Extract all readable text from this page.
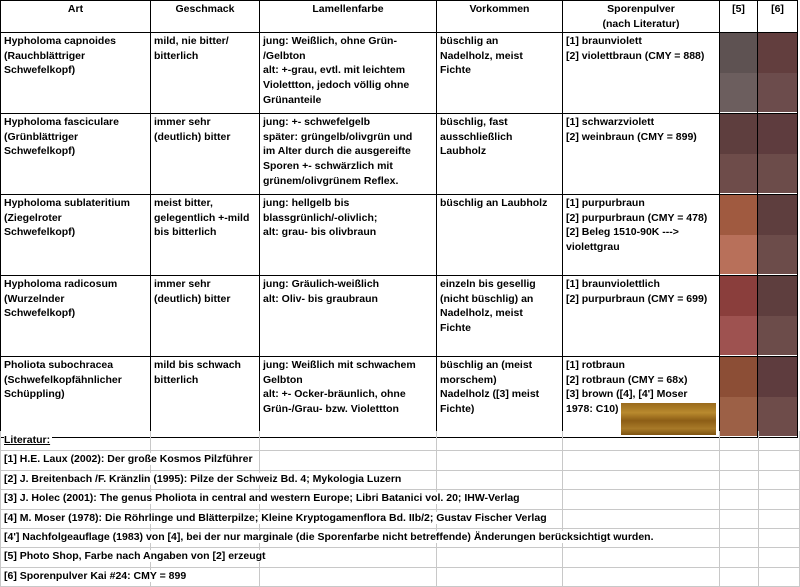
Art	Geschmack	Lamellenfarbe	Vorkommen	Sporenpulver
(nach Literatur)	[5]	[6]

Hypholoma capnoides
(Rauchblättriger
Schwefelkopf)	mild, nie bitter/
bitterlich	jung: Weißlich, ohne Grün-
/Gelbton
alt: +-grau, evtl. mit leichtem
Violettton, jedoch völlig ohne
Grünanteile	büschlig an
Nadelholz, meist
Fichte	[1] braunviolett
[2] violettbraun (CMY = 888)		

Hypholoma fasciculare
(Grünblättriger
Schwefelkopf)	immer sehr
(deutlich) bitter	jung: +- schwefelgelb
später: grüngelb/olivgrün und
im Alter durch die ausgereifte
Sporen +- schwärzlich mit
grünem/olivgrünem Reflex.	büschlig, fast
ausschließlich
Laubholz	[1] schwarzviolett
[2] weinbraun (CMY = 899)		

Hypholoma sublateritium
(Ziegelroter
Schwefelkopf)	meist bitter,
gelegentlich +-mild
bis bitterlich	jung: hellgelb bis
blassgrünlich/-olivlich;
alt: grau- bis olivbraun	büschlig an Laubholz	[1] purpurbraun
[2] purpurbraun (CMY = 478)
[2] Beleg 1510-90K --->
violettgrau		

Hypholoma radicosum
(Wurzelnder
Schwefelkopf)	immer sehr
(deutlich) bitter	jung: Gräulich-weißlich
alt: Oliv- bis graubraun	einzeln bis gesellig
(nicht büschlig) an
Nadelholz, meist
Fichte	[1] braunviolettlich
[2] purpurbraun (CMY = 699)		

Pholiota subochracea
(Schwefelkopfähnlicher
Schüppling)	mild bis schwach
bitterlich	jung: Weißlich mit schwachem
Gelbton
alt: +- Ocker-bräunlich, ohne
Grün-/Grau- bzw. Violettton	büschlig an (meist
morschem)
Nadelholz ([3] meist
Fichte)	[1] rotbraun
[2] rotbraun (CMY = 68x)
[3] brown ([4], [4'] Moser
1978: C10)		

Literatur:
[1] H.E. Laux (2002): Der große Kosmos Pilzführer
[2] J. Breitenbach /F. Kränzlin (1995): Pilze der Schweiz Bd. 4; Mykologia Luzern
[3] J. Holec (2001): The genus Pholiota in central and western Europe; Libri Batanici vol. 20; IHW-Verlag
[4] M. Moser (1978): Die Röhrlinge und Blätterpilze; Kleine Kryptogamenflora Bd. IIb/2; Gustav Fischer Verlag
[4'] Nachfolgeauflage (1983) von [4], bei der nur marginale (die Sporenfarbe nicht betreffende) Änderungen berücksichtigt wurden.
[5] Photo Shop, Farbe nach Angaben von [2] erzeugt
[6] Sporenpulver Kai #24: CMY = 899
